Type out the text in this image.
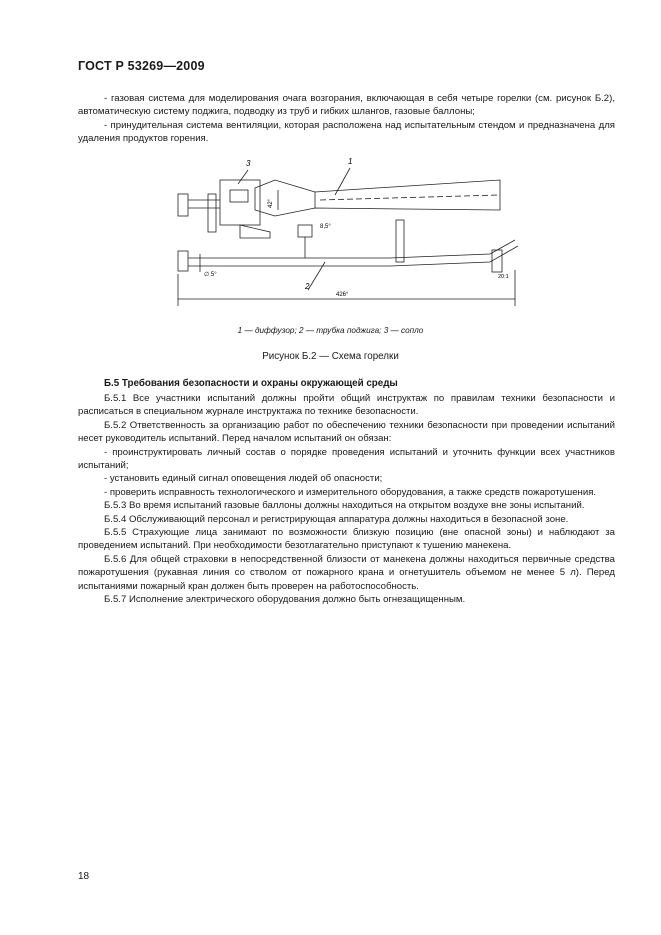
ГОСТ Р 53269—2009

- газовая система для моделирования очага возгорания, включающая в себя четыре горелки (см. рисунок Б.2), автоматическую систему поджига, подводку из труб и гибких шлангов, газовые баллоны;

- принудительная система вентиляции, которая расположена над испытательным стендом и предназначена для удаления продуктов горения.

3	1
2
42°
8,5°
∅ 5°	20:1
426°
1 — диффузор; 2 — трубка поджига; 3 — сопло
Рисунок Б.2 — Схема горелки
Б.5 Требования безопасности и охраны окружающей среды

Б.5.1 Все участники испытаний должны пройти общий инструктаж по правилам техники безопасности и расписаться в специальном журнале инструктажа по технике безопасности.

Б.5.2 Ответственность за организацию работ по обеспечению техники безопасности при проведении испытаний несет руководитель испытаний. Перед началом испытаний он обязан:

- проинструктировать личный состав о порядке проведения испытаний и уточнить функции всех участников испытаний;

- установить единый сигнал оповещения людей об опасности;

- проверить исправность технологического и измерительного оборудования, а также средств пожаротушения.

Б.5.3 Во время испытаний газовые баллоны должны находиться на открытом воздухе вне зоны испытаний.

Б.5.4 Обслуживающий персонал и регистрирующая аппаратура должны находиться в безопасной зоне.

Б.5.5 Страхующие лица занимают по возможности близкую позицию (вне опасной зоны) и наблюдают за проведением испытаний. При необходимости безотлагательно приступают к тушению манекена.

Б.5.6 Для общей страховки в непосредственной близости от манекена должны находиться первичные средства пожаротушения (рукавная линия со стволом от пожарного крана и огнетушитель объемом не менее 5 л). Перед испытаниями пожарный кран должен быть проверен на работоспособность.

Б.5.7 Исполнение электрического оборудования должно быть огнезащищенным.

18
